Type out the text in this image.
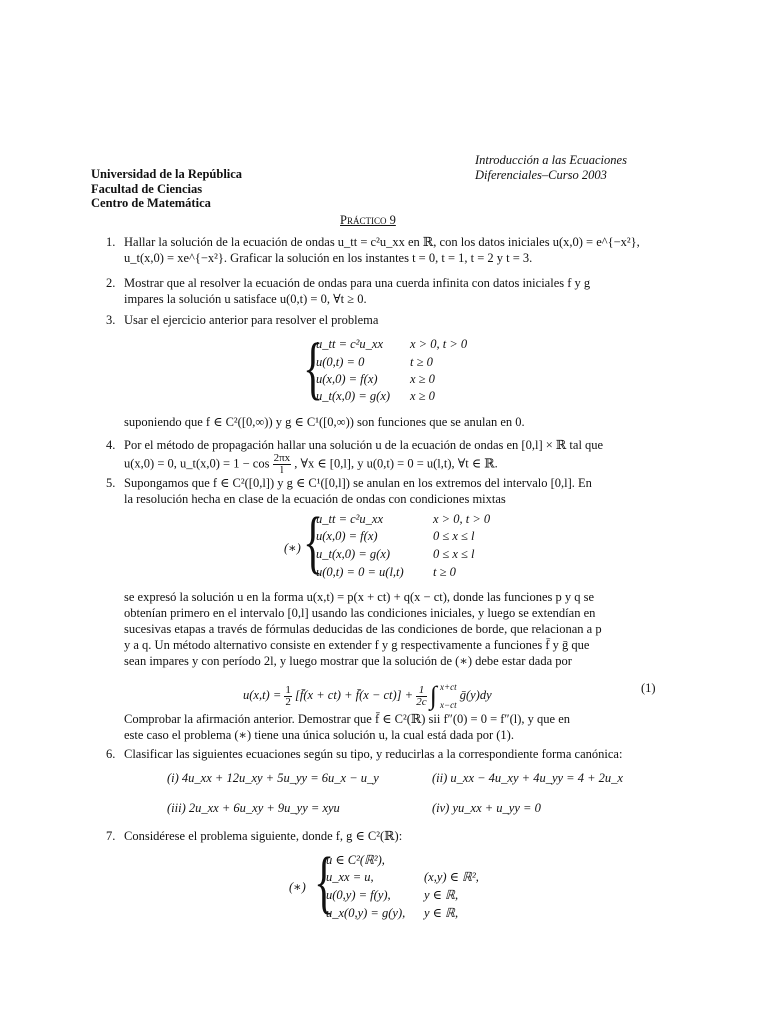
Introducción a las Ecuaciones
Diferenciales–Curso 2003
Universidad de la República
Facultad de Ciencias
Centro de Matemática
Práctico 9
1. Hallar la solución de la ecuación de ondas u_tt = c²u_xx en ℝ, con los datos iniciales u(x,0) = e^{−x²},
u_t(x,0) = xe^{−x²}. Graficar la solución en los instantes t = 0, t = 1, t = 2 y t = 3.
2. Mostrar que al resolver la ecuación de ondas para una cuerda infinita con datos iniciales f y g
impares la solución u satisface u(0,t) = 0, ∀t ≥ 0.
3. Usar el ejercicio anterior para resolver el problema
{
u_tt = c²u_xx x > 0, t > 0
u(0,t) = 0	t ≥ 0
u(x,0) = f(x)	x ≥ 0
u_t(x,0) = g(x) x ≥ 0
suponiendo que f ∈ C²([0,∞)) y g ∈ C¹([0,∞)) son funciones que se anulan en 0.
4. Por el método de propagación hallar una solución u de la ecuación de ondas en [0,l] × ℝ tal que
u(x,0) = 0, u_t(x,0) = $1 - \cos \frac{2\pi x}{l}$ , ∀x ∈ [0,l], y u(0,t) = 0 = u(l,t), ∀t ∈ ℝ.
5. Supongamos que f ∈ C²([0,l]) y g ∈ C¹([0,l]) se anulan en los extremos del intervalo [0,l]. En
la resolución hecha en clase de la ecuación de ondas con condiciones mixtas
(∗) {
u_tt = c²u_xx	x > 0, t > 0
u(x,0) = f(x)	0 ≤ x ≤ l
u_t(x,0) = g(x)	0 ≤ x ≤ l
u(0,t) = 0 = u(l,t) t ≥ 0
se expresó la solución u en la forma u(x,t) = p(x + ct) + q(x − ct), donde las funciones p y q se
obtenían primero en el intervalo [0,l] usando las condiciones iniciales, y luego se extendían en
sucesivas etapas a través de fórmulas deducidas de las condiciones de borde, que relacionan a p
y a q. Un método alternativo consiste en extender f y g respectivamente a funciones f̄ y ḡ que
sean impares y con período 2l, y luego mostrar que la solución de (∗) debe estar dada por
$u(x,t) = \frac{1}{2}$ [f̄(x + ct) + f̄(x − $ct)] + \frac{1}{2c}$ ∫ x+ct
x−ct
ḡ(y)dy	(1)
Comprobar la afirmación anterior. Demostrar que f̄ ∈ C²(ℝ) sii f″(0) = 0 = f″(l), y que en
este caso el problema (∗) tiene una única solución u, la cual está dada por (1).
6. Clasificar las siguientes ecuaciones según su tipo, y reducirlas a la correspondiente forma canónica:
(i) 4u_xx + 12u_xy + 5u_yy = 6u_x − u_y	(ii) u_xx − 4u_xy + 4u_yy = 4 + 2u_x
(iii) 2u_xx + 6u_xy + 9u_yy = xyu	(iv) yu_xx + u_yy = 0
7. Considérese el problema siguiente, donde f, g ∈ C²(ℝ):
(∗) {
u ∈ C²(ℝ²),
u_xx = u,	(x,y) ∈ ℝ²,
u(0,y) = f(y),	y ∈ ℝ,
u_x(0,y) = g(y), y ∈ ℝ,
